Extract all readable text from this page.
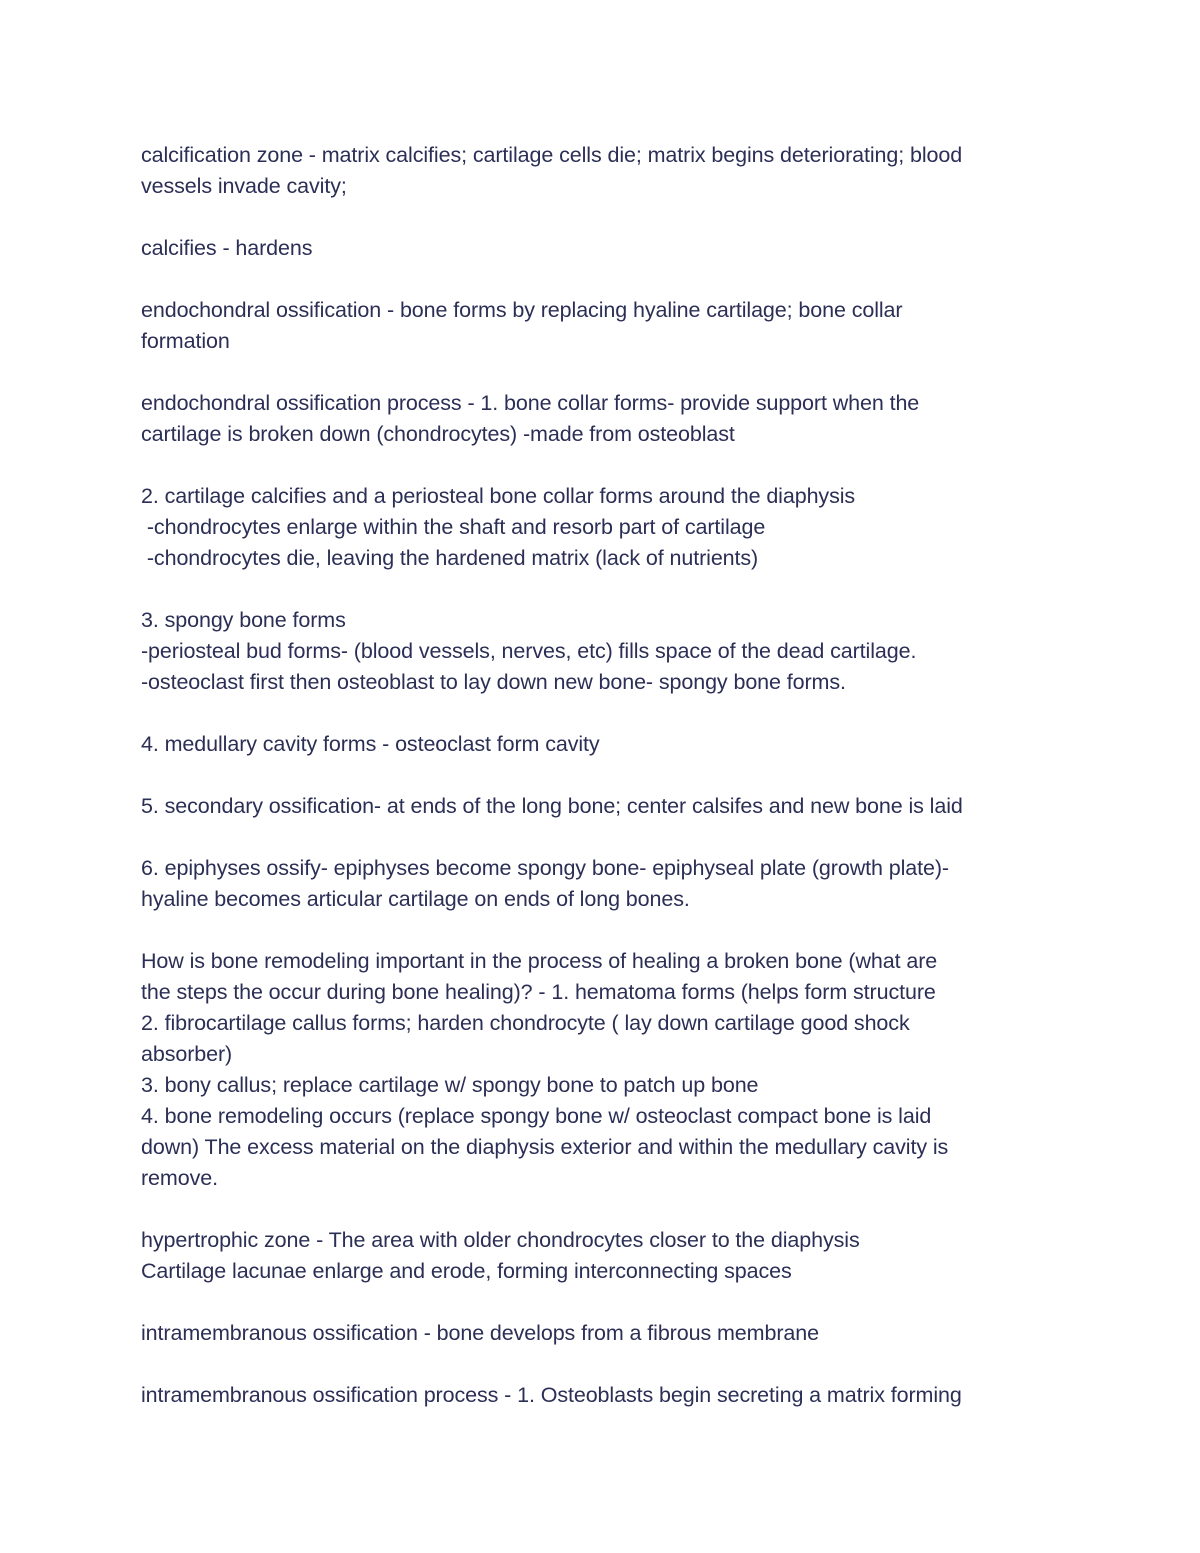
calcification zone - matrix calcifies; cartilage cells die; matrix begins deteriorating; blood
vessels invade cavity;
calcifies - hardens
endochondral ossification - bone forms by replacing hyaline cartilage; bone collar
formation
endochondral ossification process - 1. bone collar forms- provide support when the
cartilage is broken down (chondrocytes) -made from osteoblast
2. cartilage calcifies and a periosteal bone collar forms around the diaphysis
-chondrocytes enlarge within the shaft and resorb part of cartilage
-chondrocytes die, leaving the hardened matrix (lack of nutrients)
3. spongy bone forms
-periosteal bud forms- (blood vessels, nerves, etc) fills space of the dead cartilage.
-osteoclast first then osteoblast to lay down new bone- spongy bone forms.
4. medullary cavity forms - osteoclast form cavity
5. secondary ossification- at ends of the long bone; center calsifes and new bone is laid
6. epiphyses ossify- epiphyses become spongy bone- epiphyseal plate (growth plate)-
hyaline becomes articular cartilage on ends of long bones.
How is bone remodeling important in the process of healing a broken bone (what are
the steps the occur during bone healing)? - 1. hematoma forms (helps form structure
2. fibrocartilage callus forms; harden chondrocyte ( lay down cartilage good shock
absorber)
3. bony callus; replace cartilage w/ spongy bone to patch up bone
4. bone remodeling occurs (replace spongy bone w/ osteoclast compact bone is laid
down) The excess material on the diaphysis exterior and within the medullary cavity is
remove.
hypertrophic zone - The area with older chondrocytes closer to the diaphysis
Cartilage lacunae enlarge and erode, forming interconnecting spaces
intramembranous ossification - bone develops from a fibrous membrane
intramembranous ossification process - 1. Osteoblasts begin secreting a matrix forming
